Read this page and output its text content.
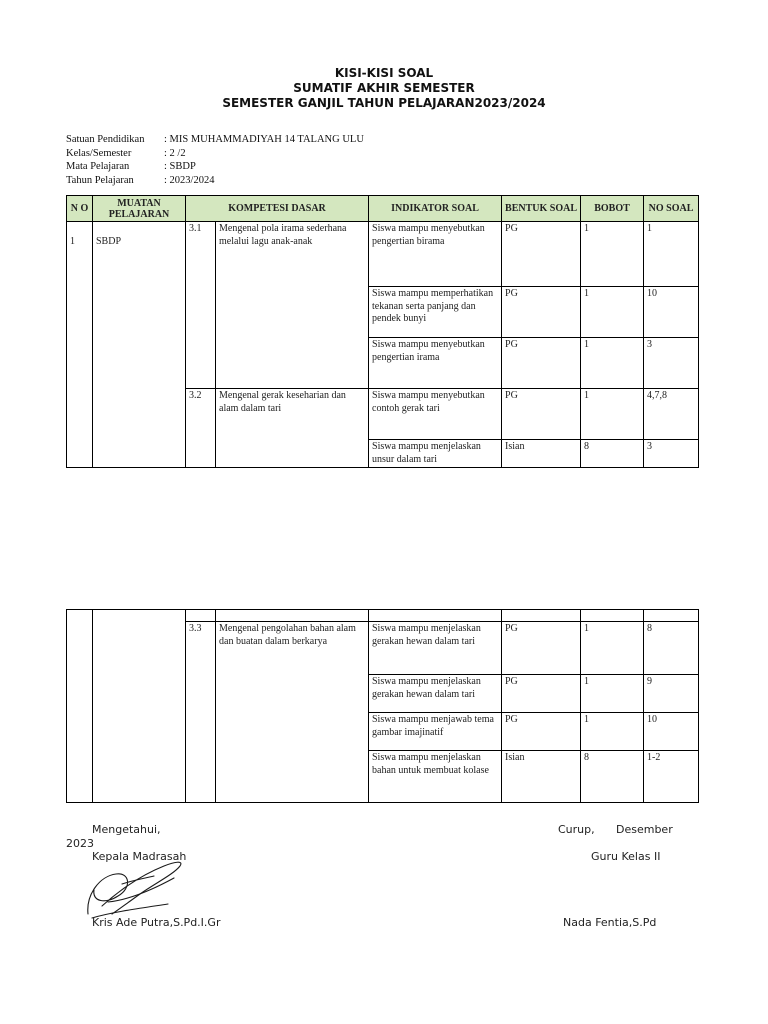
KISI-KISI SOAL
SUMATIF AKHIR SEMESTER
SEMESTER GANJIL TAHUN PELAJARAN2023/2024
Satuan Pendidikan	: MIS MUHAMMADIYAH 14 TALANG ULU
Kelas/Semester	: 2 /2
Mata Pelajaran	: SBDP
Tahun Pelajaran	: 2023/2024
N O	MUATAN PELAJARAN	KOMPETESI DASAR		INDIKATOR SOAL	BENTUK SOAL	BOBOT	NO SOAL
1	SBDP	3.1	Mengenal pola irama sederhana melalui lagu anak-anak	Siswa mampu menyebutkan pengertian birama	PG	1	1
				Siswa mampu memperhatikan tekanan serta panjang dan pendek bunyi	PG	1	10
				Siswa mampu menyebutkan pengertian irama	PG	1	3
		3.2	Mengenal gerak keseharian dan alam dalam tari	Siswa mampu menyebutkan contoh gerak tari	PG	1	4,7,8
				Siswa mampu menjelaskan unsur dalam tari	Isian	8	3

		3.3	Mengenal pengolahan bahan alam dan buatan dalam berkarya	Siswa mampu menjelaskan gerakan hewan dalam tari	PG	1	8
				Siswa mampu menjelaskan gerakan hewan dalam tari	PG	1	9
				Siswa mampu menjawab tema gambar imajinatif	PG	1	10
				Siswa mampu menjelaskan bahan untuk membuat kolase	Isian	8	1-2
Mengetahui,	Curup, Desember
2023
Kepala Madrasah	Guru Kelas II
Kris Ade Putra,S.Pd.I.Gr	Nada Fentia,S.Pd
